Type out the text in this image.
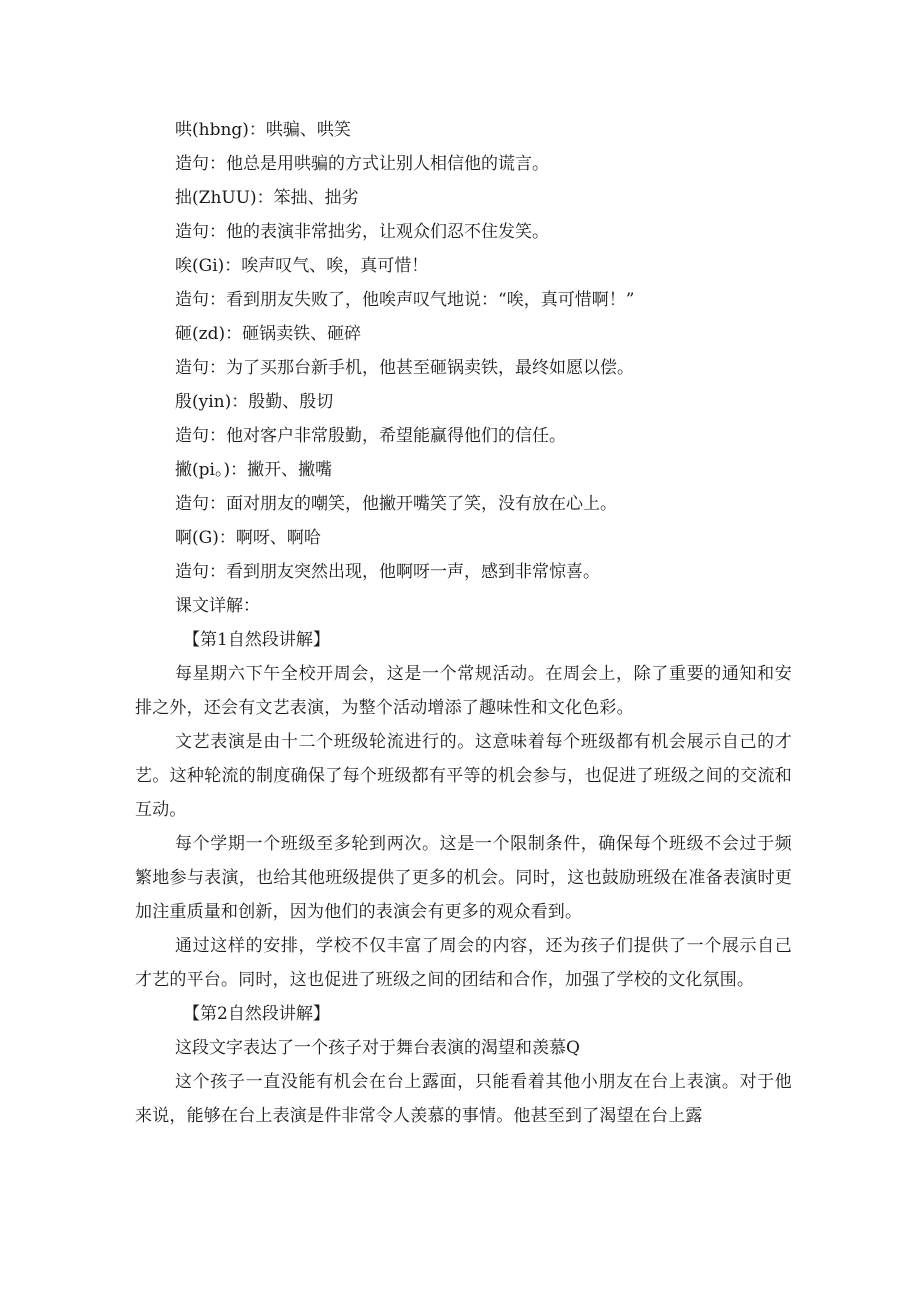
哄(hbng)：哄骗、哄笑

造句：他总是用哄骗的方式让别人相信他的谎言。

拙(ZhUU)：笨拙、拙劣

造句：他的表演非常拙劣，让观众们忍不住发笑。

唉(Gi)：唉声叹气、唉，真可惜！

造句：看到朋友失败了，他唉声叹气地说：“唉，真可惜啊！”

砸(zd)：砸锅卖铁、砸碎

造句：为了买那台新手机，他甚至砸锅卖铁，最终如愿以偿。

殷(yin)：殷勤、殷切

造句：他对客户非常殷勤，希望能赢得他们的信任。

撇(pi。)：撇开、撇嘴

造句：面对朋友的嘲笑，他撇开嘴笑了笑，没有放在心上。

啊(G)：啊呀、啊哈

造句：看到朋友突然出现，他啊呀一声，感到非常惊喜。

课文详解：

【第1自然段讲解】

每星期六下午全校开周会，这是一个常规活动。在周会上，除了重要的通知和安排之外，还会有文艺表演，为整个活动增添了趣味性和文化色彩。

文艺表演是由十二个班级轮流进行的。这意味着每个班级都有机会展示自己的才艺。这种轮流的制度确保了每个班级都有平等的机会参与，也促进了班级之间的交流和互动。

每个学期一个班级至多轮到两次。这是一个限制条件，确保每个班级不会过于频繁地参与表演，也给其他班级提供了更多的机会。同时，这也鼓励班级在准备表演时更加注重质量和创新，因为他们的表演会有更多的观众看到。

通过这样的安排，学校不仅丰富了周会的内容，还为孩子们提供了一个展示自己才艺的平台。同时，这也促进了班级之间的团结和合作，加强了学校的文化氛围。

【第2自然段讲解】

这段文字表达了一个孩子对于舞台表演的渴望和羡慕Q

这个孩子一直没能有机会在台上露面，只能看着其他小朋友在台上表演。对于他来说，能够在台上表演是件非常令人羡慕的事情。他甚至到了渴望在台上露
